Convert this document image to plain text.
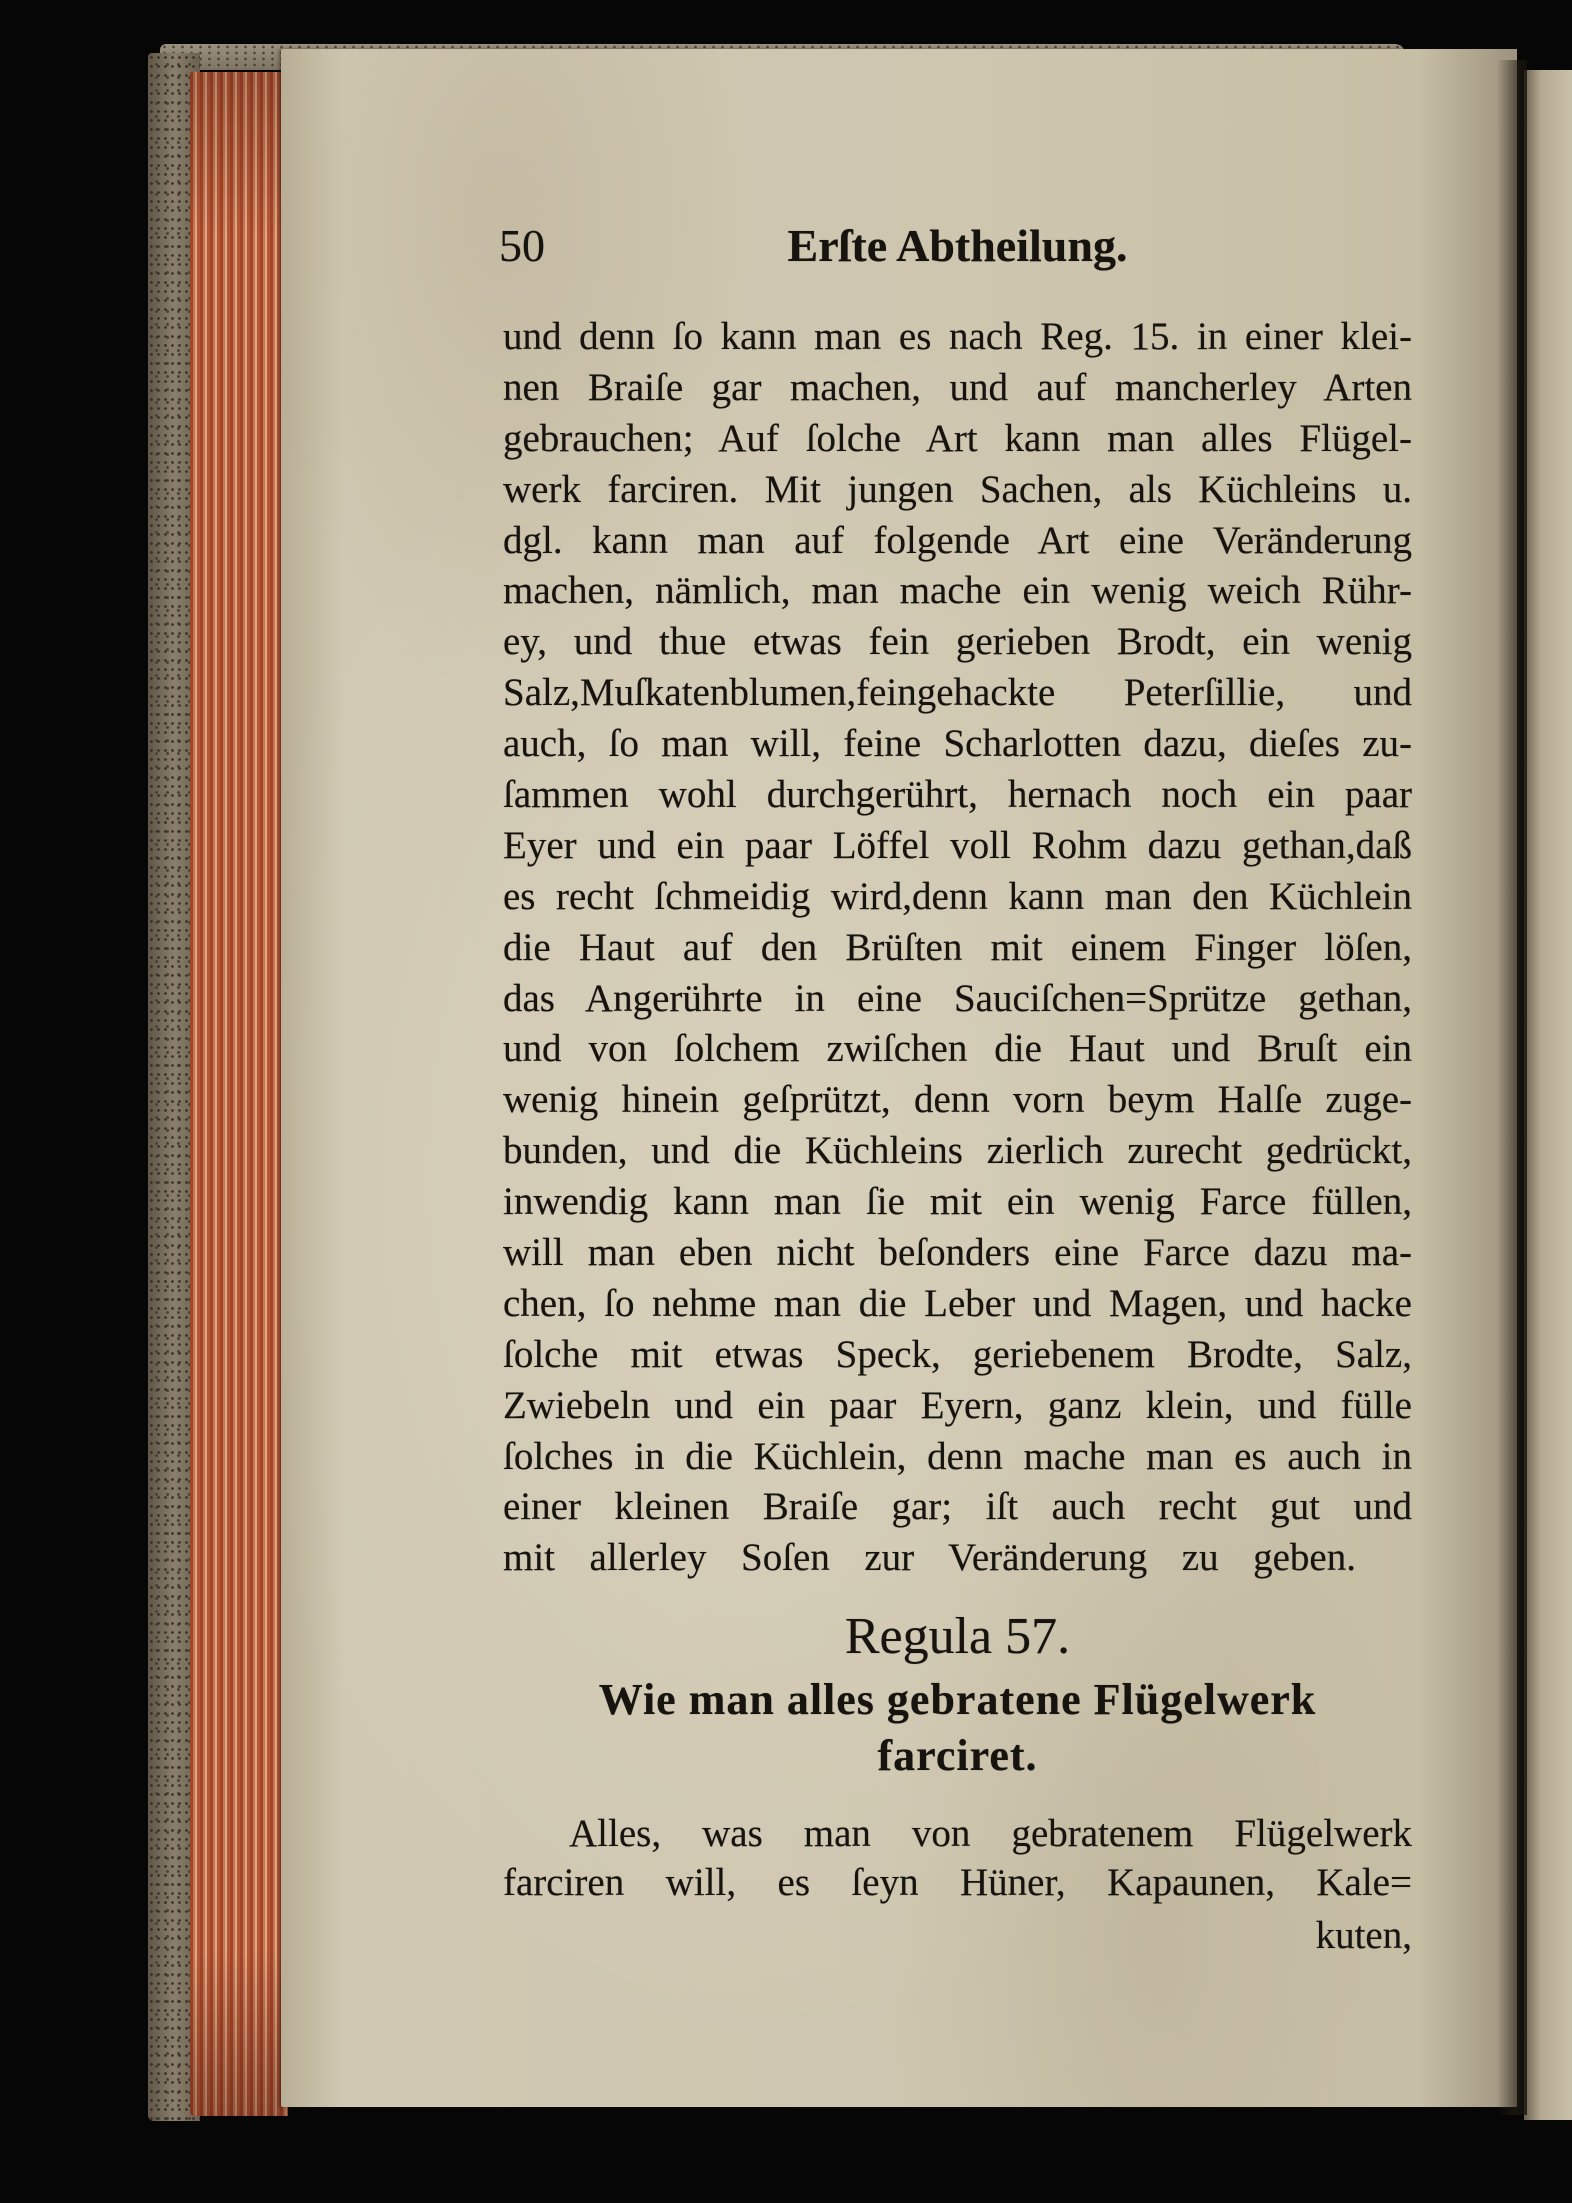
50	Erſte Abtheilung.
und denn ſo kann man es nach Reg. 15. in einer klei-
nen Braiſe gar machen, und auf mancherley Arten
gebrauchen; Auf ſolche Art kann man alles Flügel-
werk farciren. Mit jungen Sachen, als Küchleins u.
dgl. kann man auf folgende Art eine Veränderung
machen, nämlich, man mache ein wenig weich Rühr-
ey, und thue etwas fein gerieben Brodt, ein wenig
Salz,Muſkatenblumen,feingehackte Peterſillie, und
auch, ſo man will, feine Scharlotten dazu, dieſes zu-
ſammen wohl durchgerührt, hernach noch ein paar
Eyer und ein paar Löffel voll Rohm dazu gethan,daß
es recht ſchmeidig wird,denn kann man den Küchlein
die Haut auf den Brüſten mit einem Finger löſen,
das Angerührte in eine Sauciſchen=Sprütze gethan,
und von ſolchem zwiſchen die Haut und Bruſt ein
wenig hinein geſprützt, denn vorn beym Halſe zuge-
bunden, und die Küchleins zierlich zurecht gedrückt,
inwendig kann man ſie mit ein wenig Farce füllen,
will man eben nicht beſonders eine Farce dazu ma-
chen, ſo nehme man die Leber und Magen, und hacke
ſolche mit etwas Speck, geriebenem Brodte, Salz,
Zwiebeln und ein paar Eyern, ganz klein, und fülle
ſolches in die Küchlein, denn mache man es auch in
einer kleinen Braiſe gar; iſt auch recht gut und
mit allerley Soſen zur Veränderung zu geben.
Regula 57.
Wie man alles gebratene Flügelwerk
farciret.
Alles, was man von gebratenem Flügelwerk
farciren will, es ſeyn Hüner, Kapaunen, Kale=
kuten,
